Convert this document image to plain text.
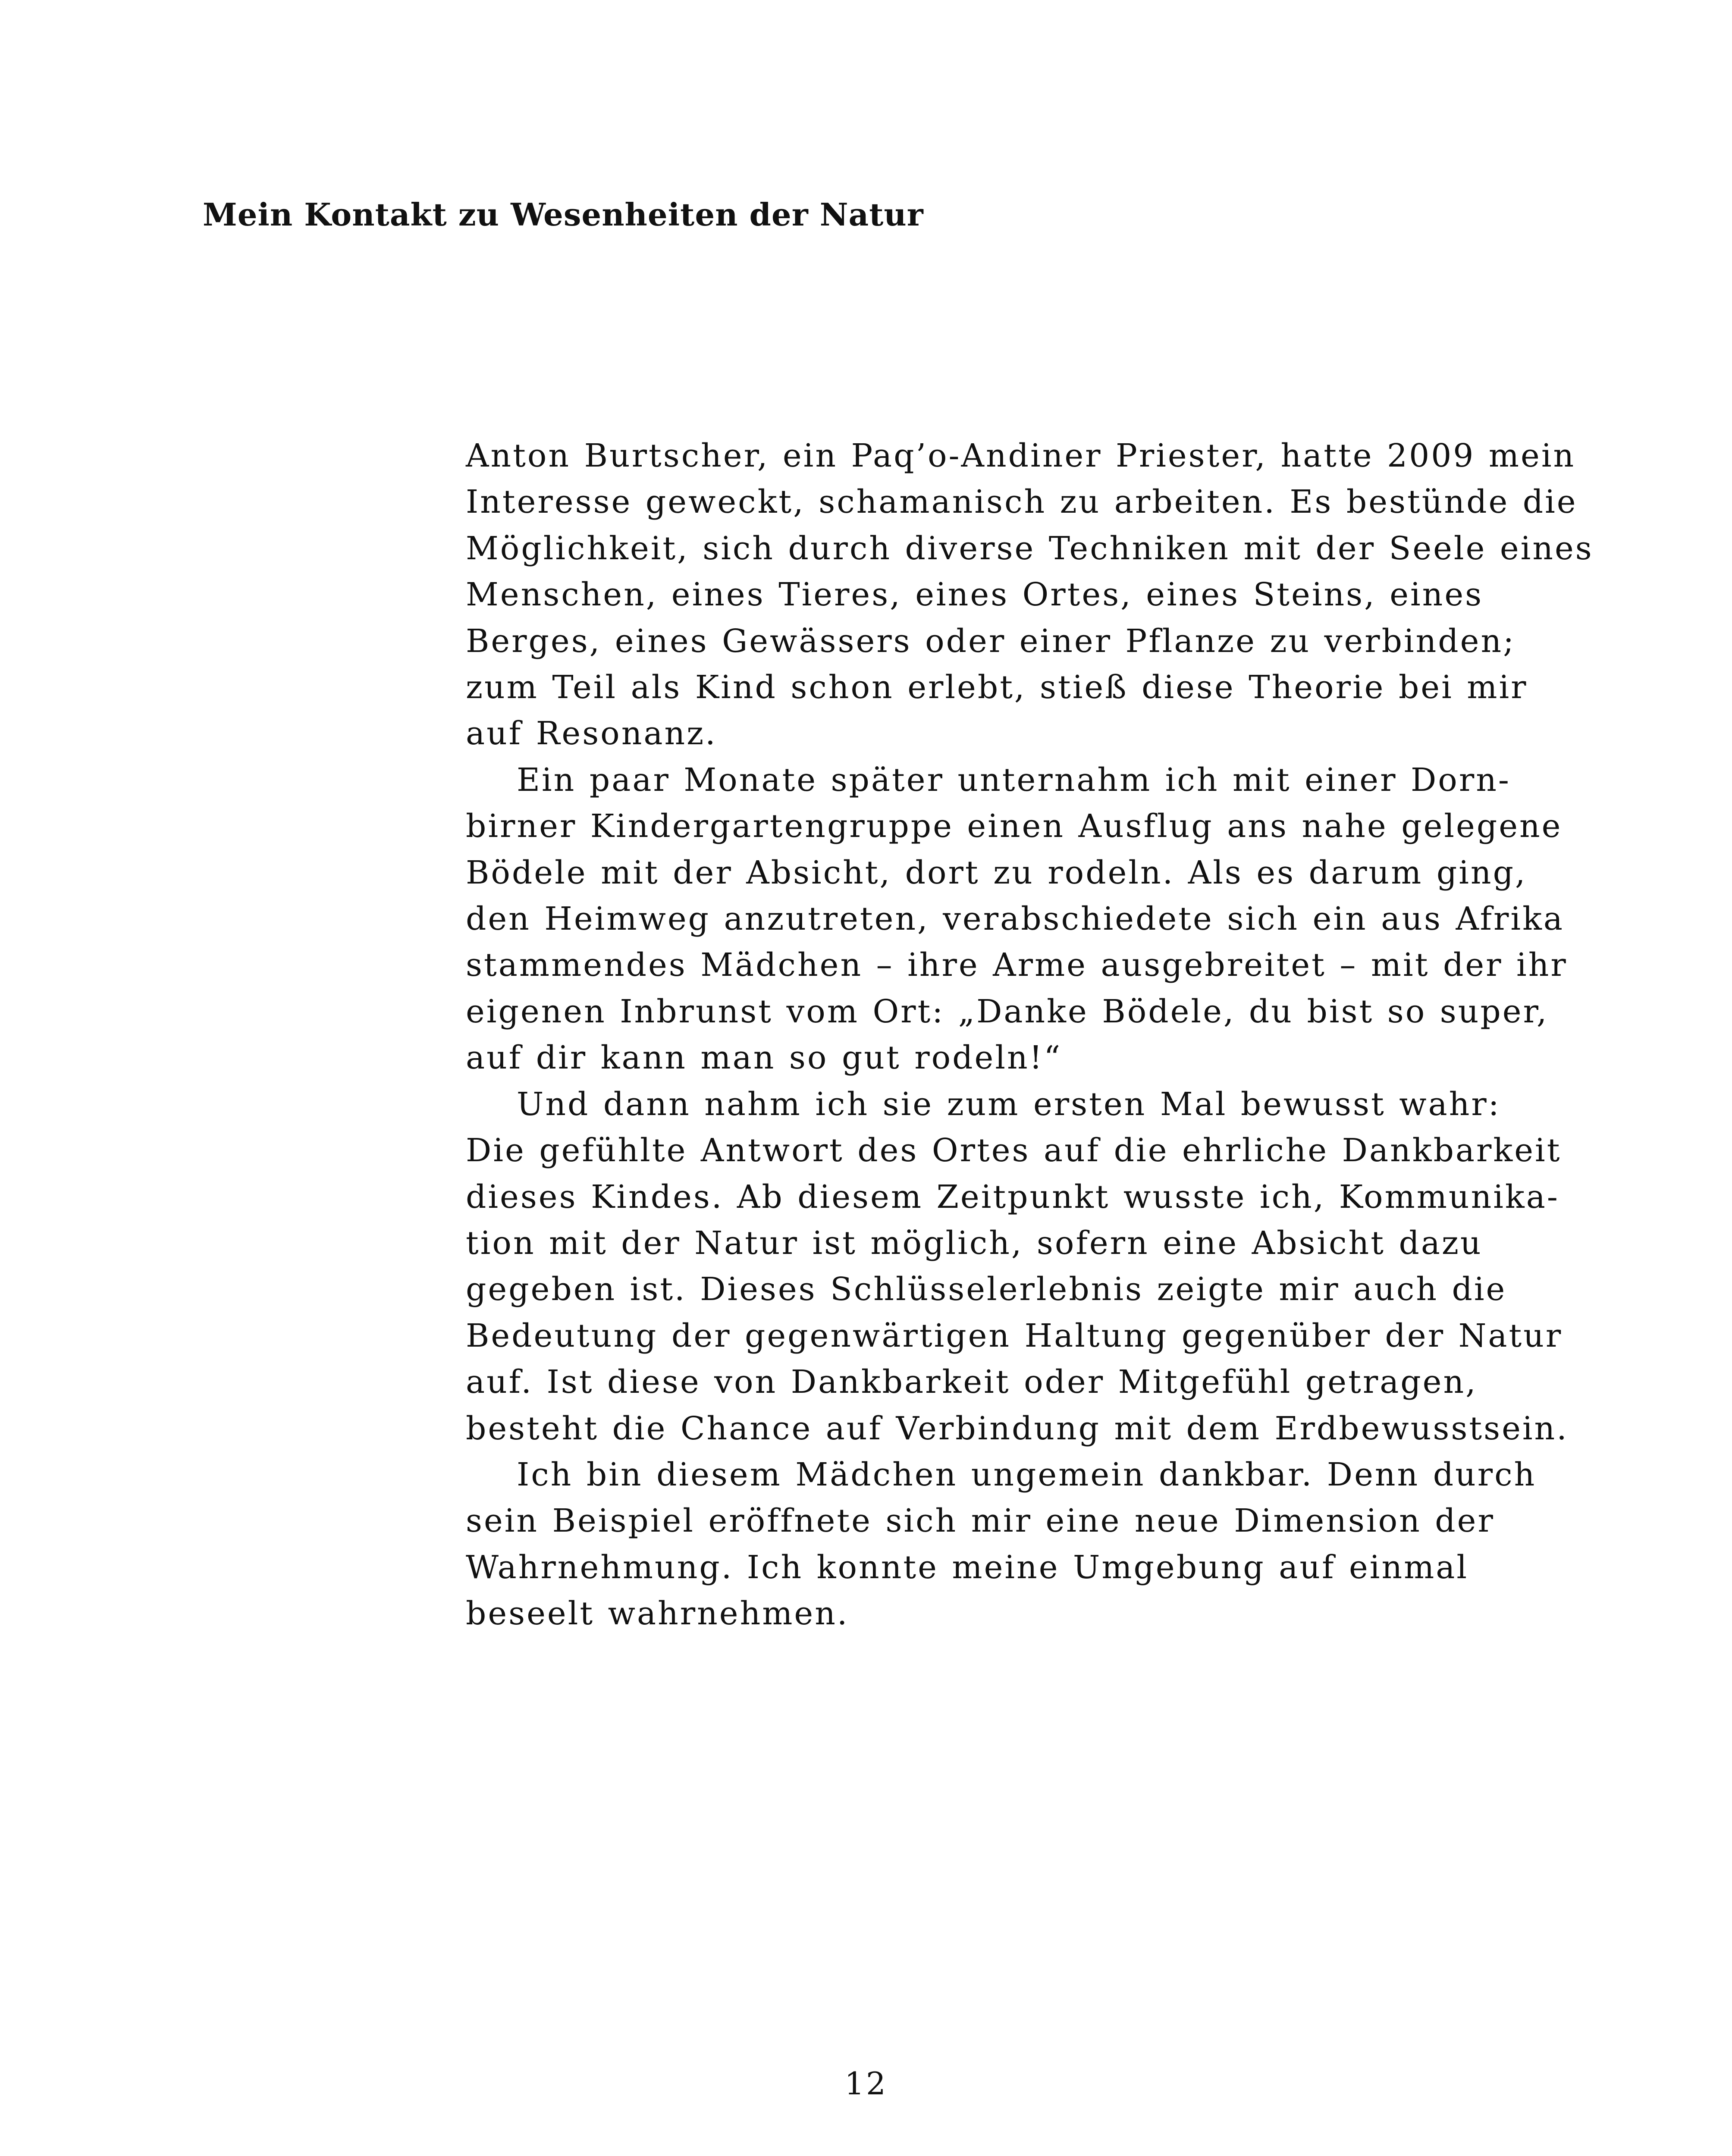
Mein Kontakt zu Wesenheiten der Natur
Anton Burtscher, ein Paq’o-Andiner Priester, hatte 2009 mein
Interesse geweckt, schamanisch zu arbeiten. Es bestünde die
Möglichkeit, sich durch diverse Techniken mit der Seele eines
Menschen, eines Tieres, eines Ortes, eines Steins, eines
Berges, eines Gewässers oder einer Pflanze zu verbinden;
zum Teil als Kind schon erlebt, stieß diese Theorie bei mir
auf Resonanz.
Ein paar Monate später unternahm ich mit einer Dorn-
birner Kindergartengruppe einen Ausflug ans nahe gelegene
Bödele mit der Absicht, dort zu rodeln. Als es darum ging,
den Heimweg anzutreten, verabschiedete sich ein aus Afrika
stammendes Mädchen – ihre Arme ausgebreitet – mit der ihr
eigenen Inbrunst vom Ort: „Danke Bödele, du bist so super,
auf dir kann man so gut rodeln!“
Und dann nahm ich sie zum ersten Mal bewusst wahr:
Die gefühlte Antwort des Ortes auf die ehrliche Dankbarkeit
dieses Kindes. Ab diesem Zeitpunkt wusste ich, Kommunika-
tion mit der Natur ist möglich, sofern eine Absicht dazu
gegeben ist. Dieses Schlüsselerlebnis zeigte mir auch die
Bedeutung der gegenwärtigen Haltung gegenüber der Natur
auf. Ist diese von Dankbarkeit oder Mitgefühl getragen,
besteht die Chance auf Verbindung mit dem Erdbewusstsein.
Ich bin diesem Mädchen ungemein dankbar. Denn durch
sein Beispiel eröffnete sich mir eine neue Dimension der
Wahrnehmung. Ich konnte meine Umgebung auf einmal
beseelt wahrnehmen.
12
